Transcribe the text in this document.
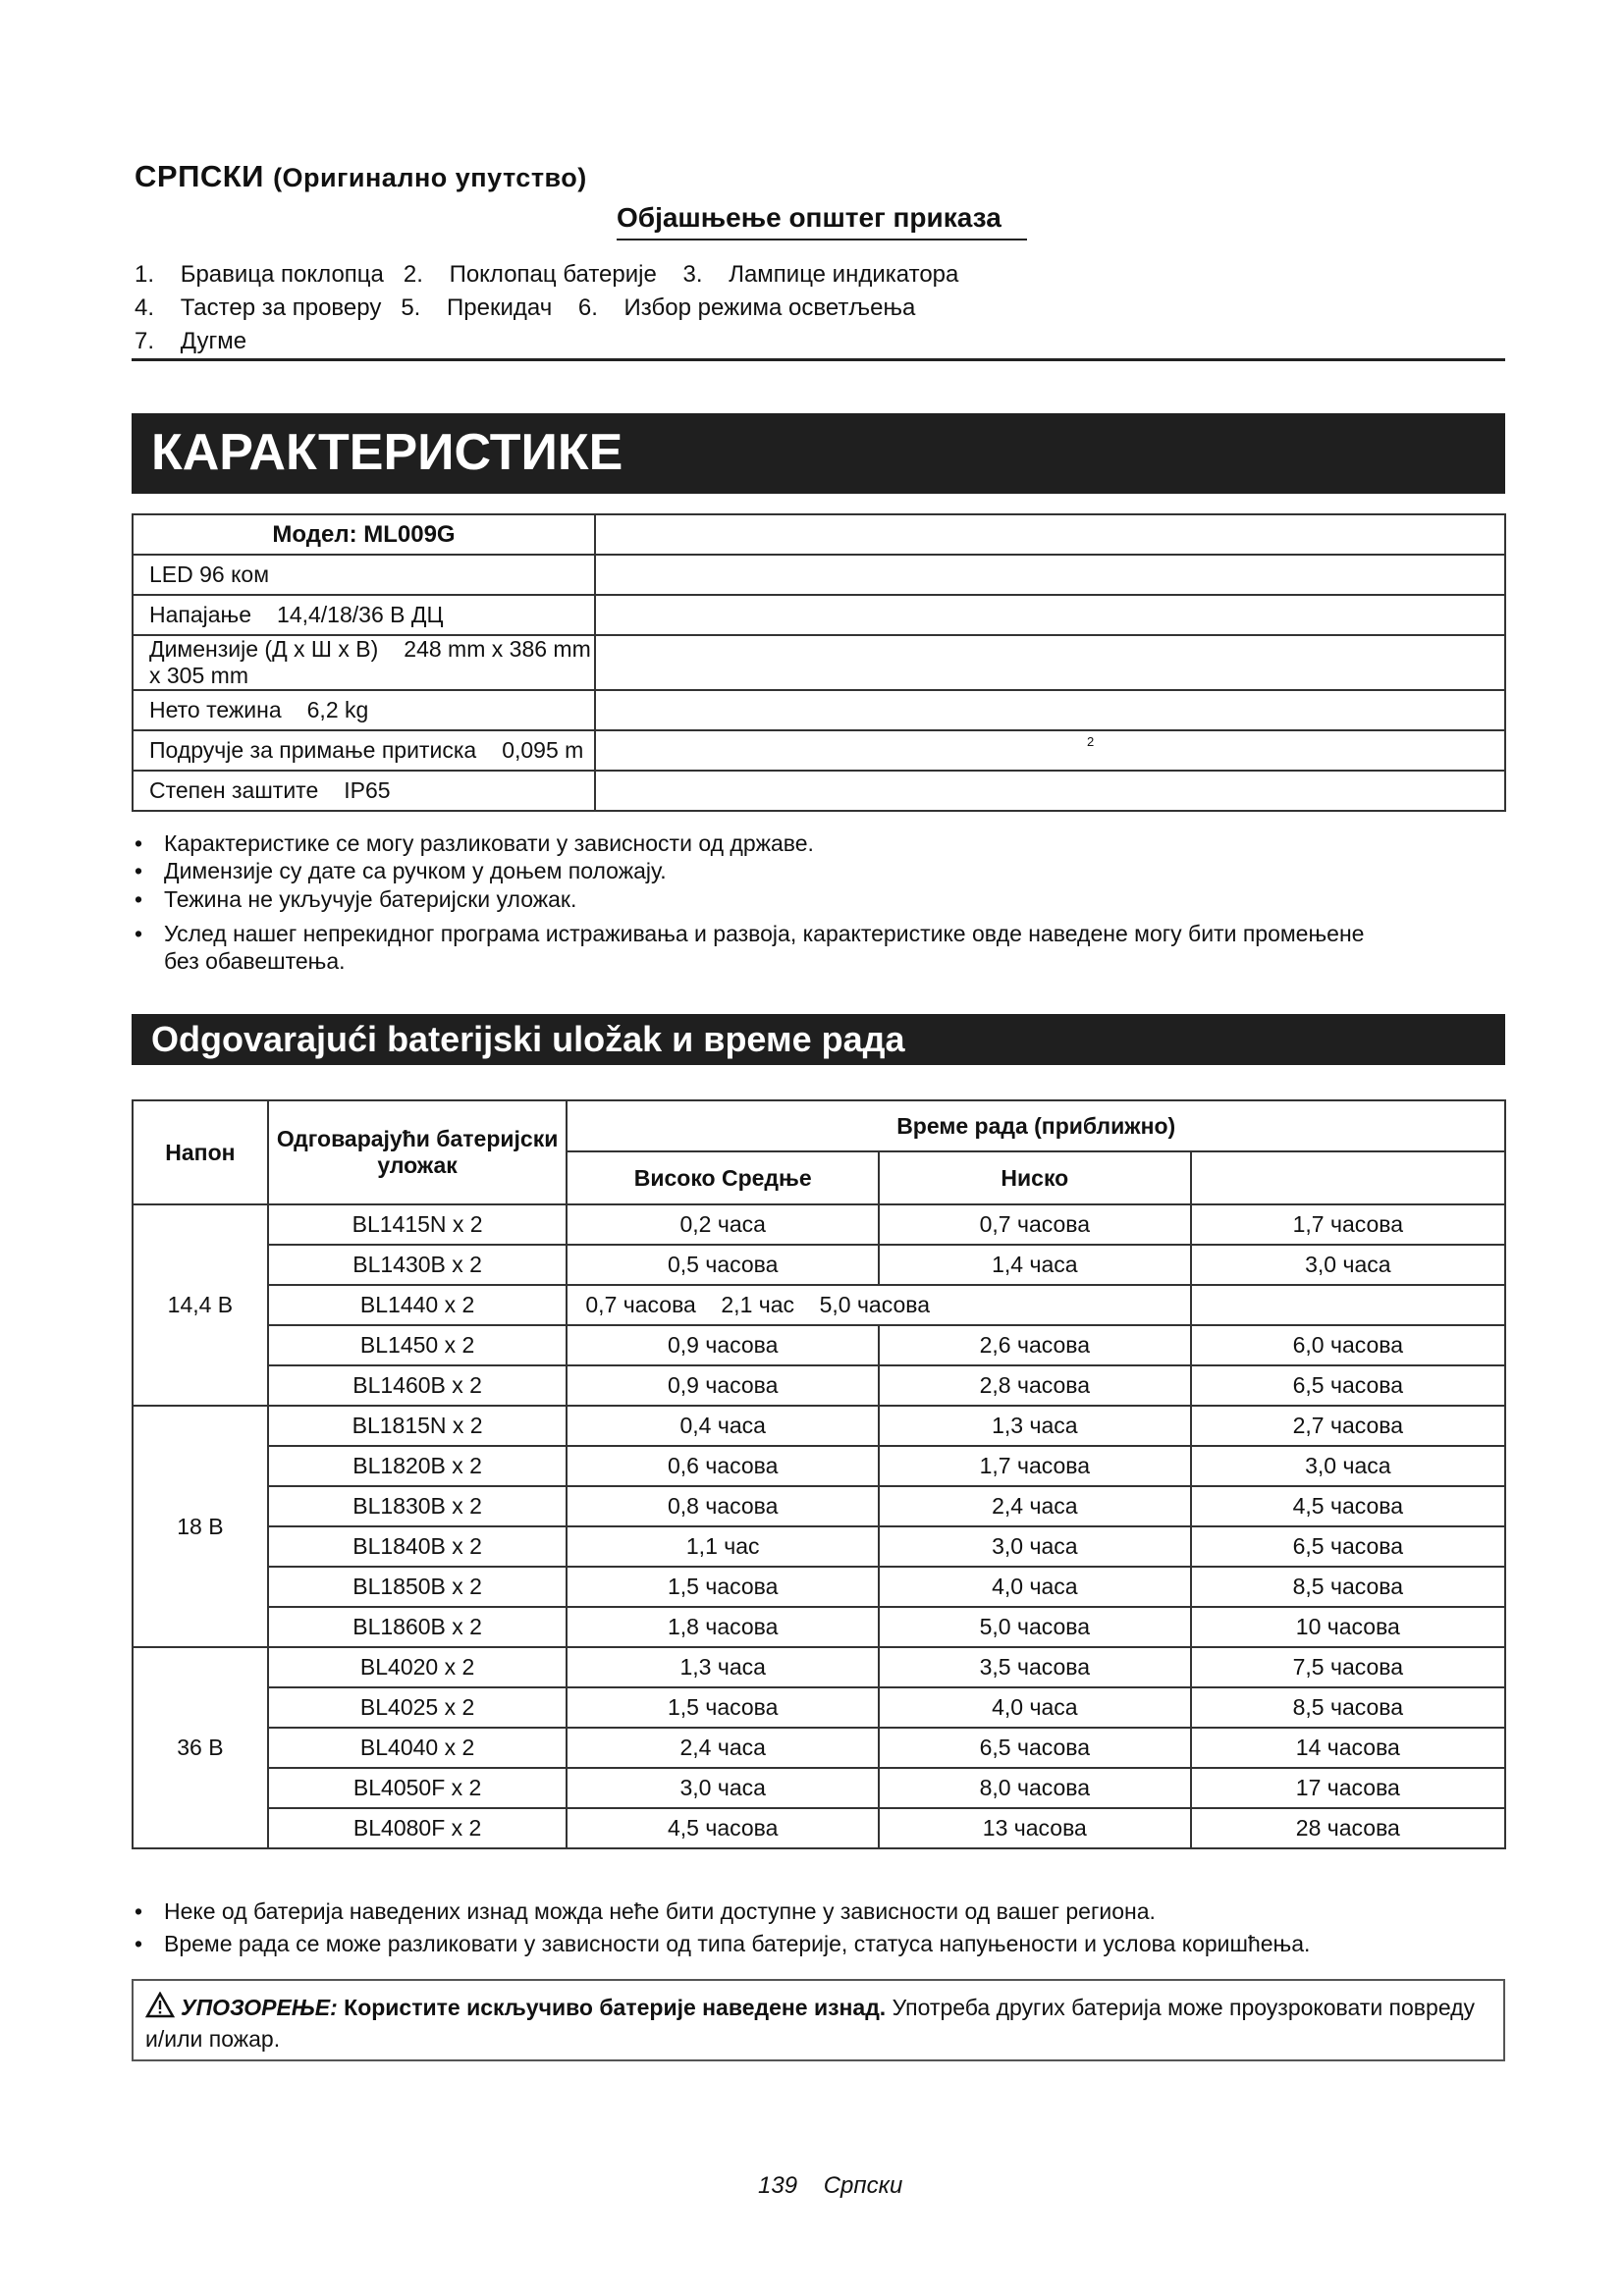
СРПСКИ (Оригинално упутство)
Објашњење општег приказа
1.    Бравица поклопца   2.    Поклопац батерије    3.    Лампице индикатора
4.    Тастер за проверу   5.    Прекидач    6.    Избор режима осветљења
7.    Дугме
КАРАКТЕРИСТИКЕ
Модел: ML009G	
LED 96 ком	
Напајање 14,4/18/36 В ДЦ	
Димензије (Д x Ш x В) 248 mm x 386 mm x 305 mm	
Нето тежина 6,2 kg	
Подручје за примање притиска 0,095 m	
Степен заштите IP65	
2
• Карактеристике се могу разликовати у зависности од државе.
• Димензије су дате са ручком у доњем положају.
• Тежина не укључује батеријски уложак.
• Услед нашег непрекидног програма истраживања и развоја, карактеристике овде наведене могу бити промењене
без обавештења.
Odgovarajući baterijski uložak и време рада
Напон	Одговарајући батеријски уложак	Време рада (приближно)		
		Високо Средње	Ниско	
14,4 В	BL1415N x 2	0,2 часа	0,7 часова	1,7 часова
	BL1430B x 2	0,5 часова	1,4 часа	3,0 часа
	BL1440 x 2	0,7 часова    2,1 час    5,0 часова		
	BL1450 x 2	0,9 часова	2,6 часова	6,0 часова
	BL1460B x 2	0,9 часова	2,8 часова	6,5 часова
18 В	BL1815N x 2	0,4 часа	1,3 часа	2,7 часова
	BL1820B x 2	0,6 часова	1,7 часова	3,0 часа
	BL1830B x 2	0,8 часова	2,4 часа	4,5 часова
	BL1840B x 2	1,1 час	3,0 часа	6,5 часова
	BL1850B x 2	1,5 часова	4,0 часа	8,5 часова
	BL1860B x 2	1,8 часова	5,0 часова	10 часова
36 В	BL4020 x 2	1,3 часа	3,5 часова	7,5 часова
	BL4025 x 2	1,5 часова	4,0 часа	8,5 часова
	BL4040 x 2	2,4 часа	6,5 часова	14 часова
	BL4050F x 2	3,0 часа	8,0 часова	17 часова
	BL4080F x 2	4,5 часова	13 часова	28 часова
• Неке од батерија наведених изнад можда неће бити доступне у зависности од вашег региона.
• Време рада се може разликовати у зависности од типа батерије, статуса напуњености и услова коришћења.
УПОЗОРЕЊЕ: Користите искључиво батерије наведене изнад. Употреба других батерија може проузроковати повреду и/или пожар.
139 Српски
